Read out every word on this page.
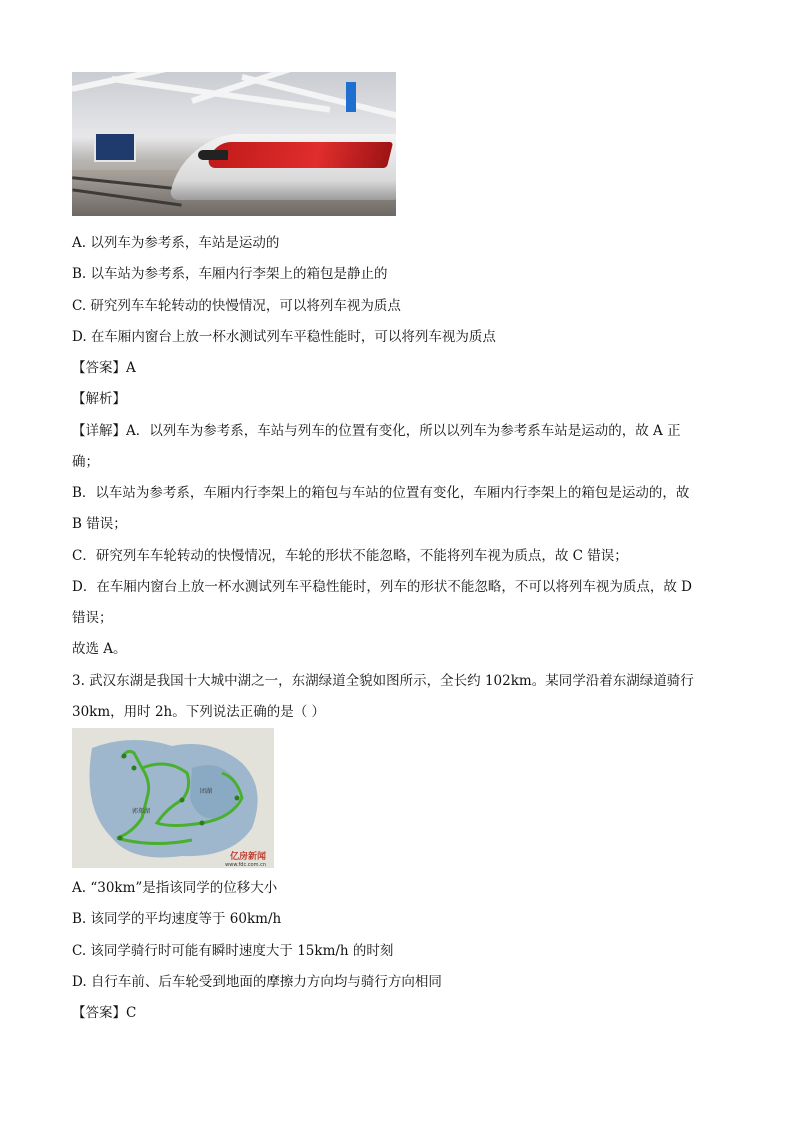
A. 以列车为参考系，车站是运动的
B. 以车站为参考系，车厢内行李架上的箱包是静止的
C. 研究列车车轮转动的快慢情况，可以将列车视为质点
D. 在车厢内窗台上放一杯水测试列车平稳性能时，可以将列车视为质点
【答案】A
【解析】
【详解】A．以列车为参考系，车站与列车的位置有变化，所以以列车为参考系车站是运动的，故 A 正
确；
B．以车站为参考系，车厢内行李架上的箱包与车站的位置有变化，车厢内行李架上的箱包是运动的，故
B 错误；
C．研究列车车轮转动的快慢情况，车轮的形状不能忽略，不能将列车视为质点，故 C 错误；
D．在车厢内窗台上放一杯水测试列车平稳性能时，列车的形状不能忽略，不可以将列车视为质点，故 D
错误；
故选 A。
3. 武汉东湖是我国十大城中湖之一，东湖绿道全貌如图所示，全长约 102km。某同学沿着东湖绿道骑行
30km，用时 2h。下列说法正确的是（ ）
郭郑湖
团湖
亿房新闻
www.fdc.com.cn
A. “30km”是指该同学的位移大小
B. 该同学的平均速度等于 60km/h
C. 该同学骑行时可能有瞬时速度大于 15km/h 的时刻
D. 自行车前、后车轮受到地面的摩擦力方向均与骑行方向相同
【答案】C
